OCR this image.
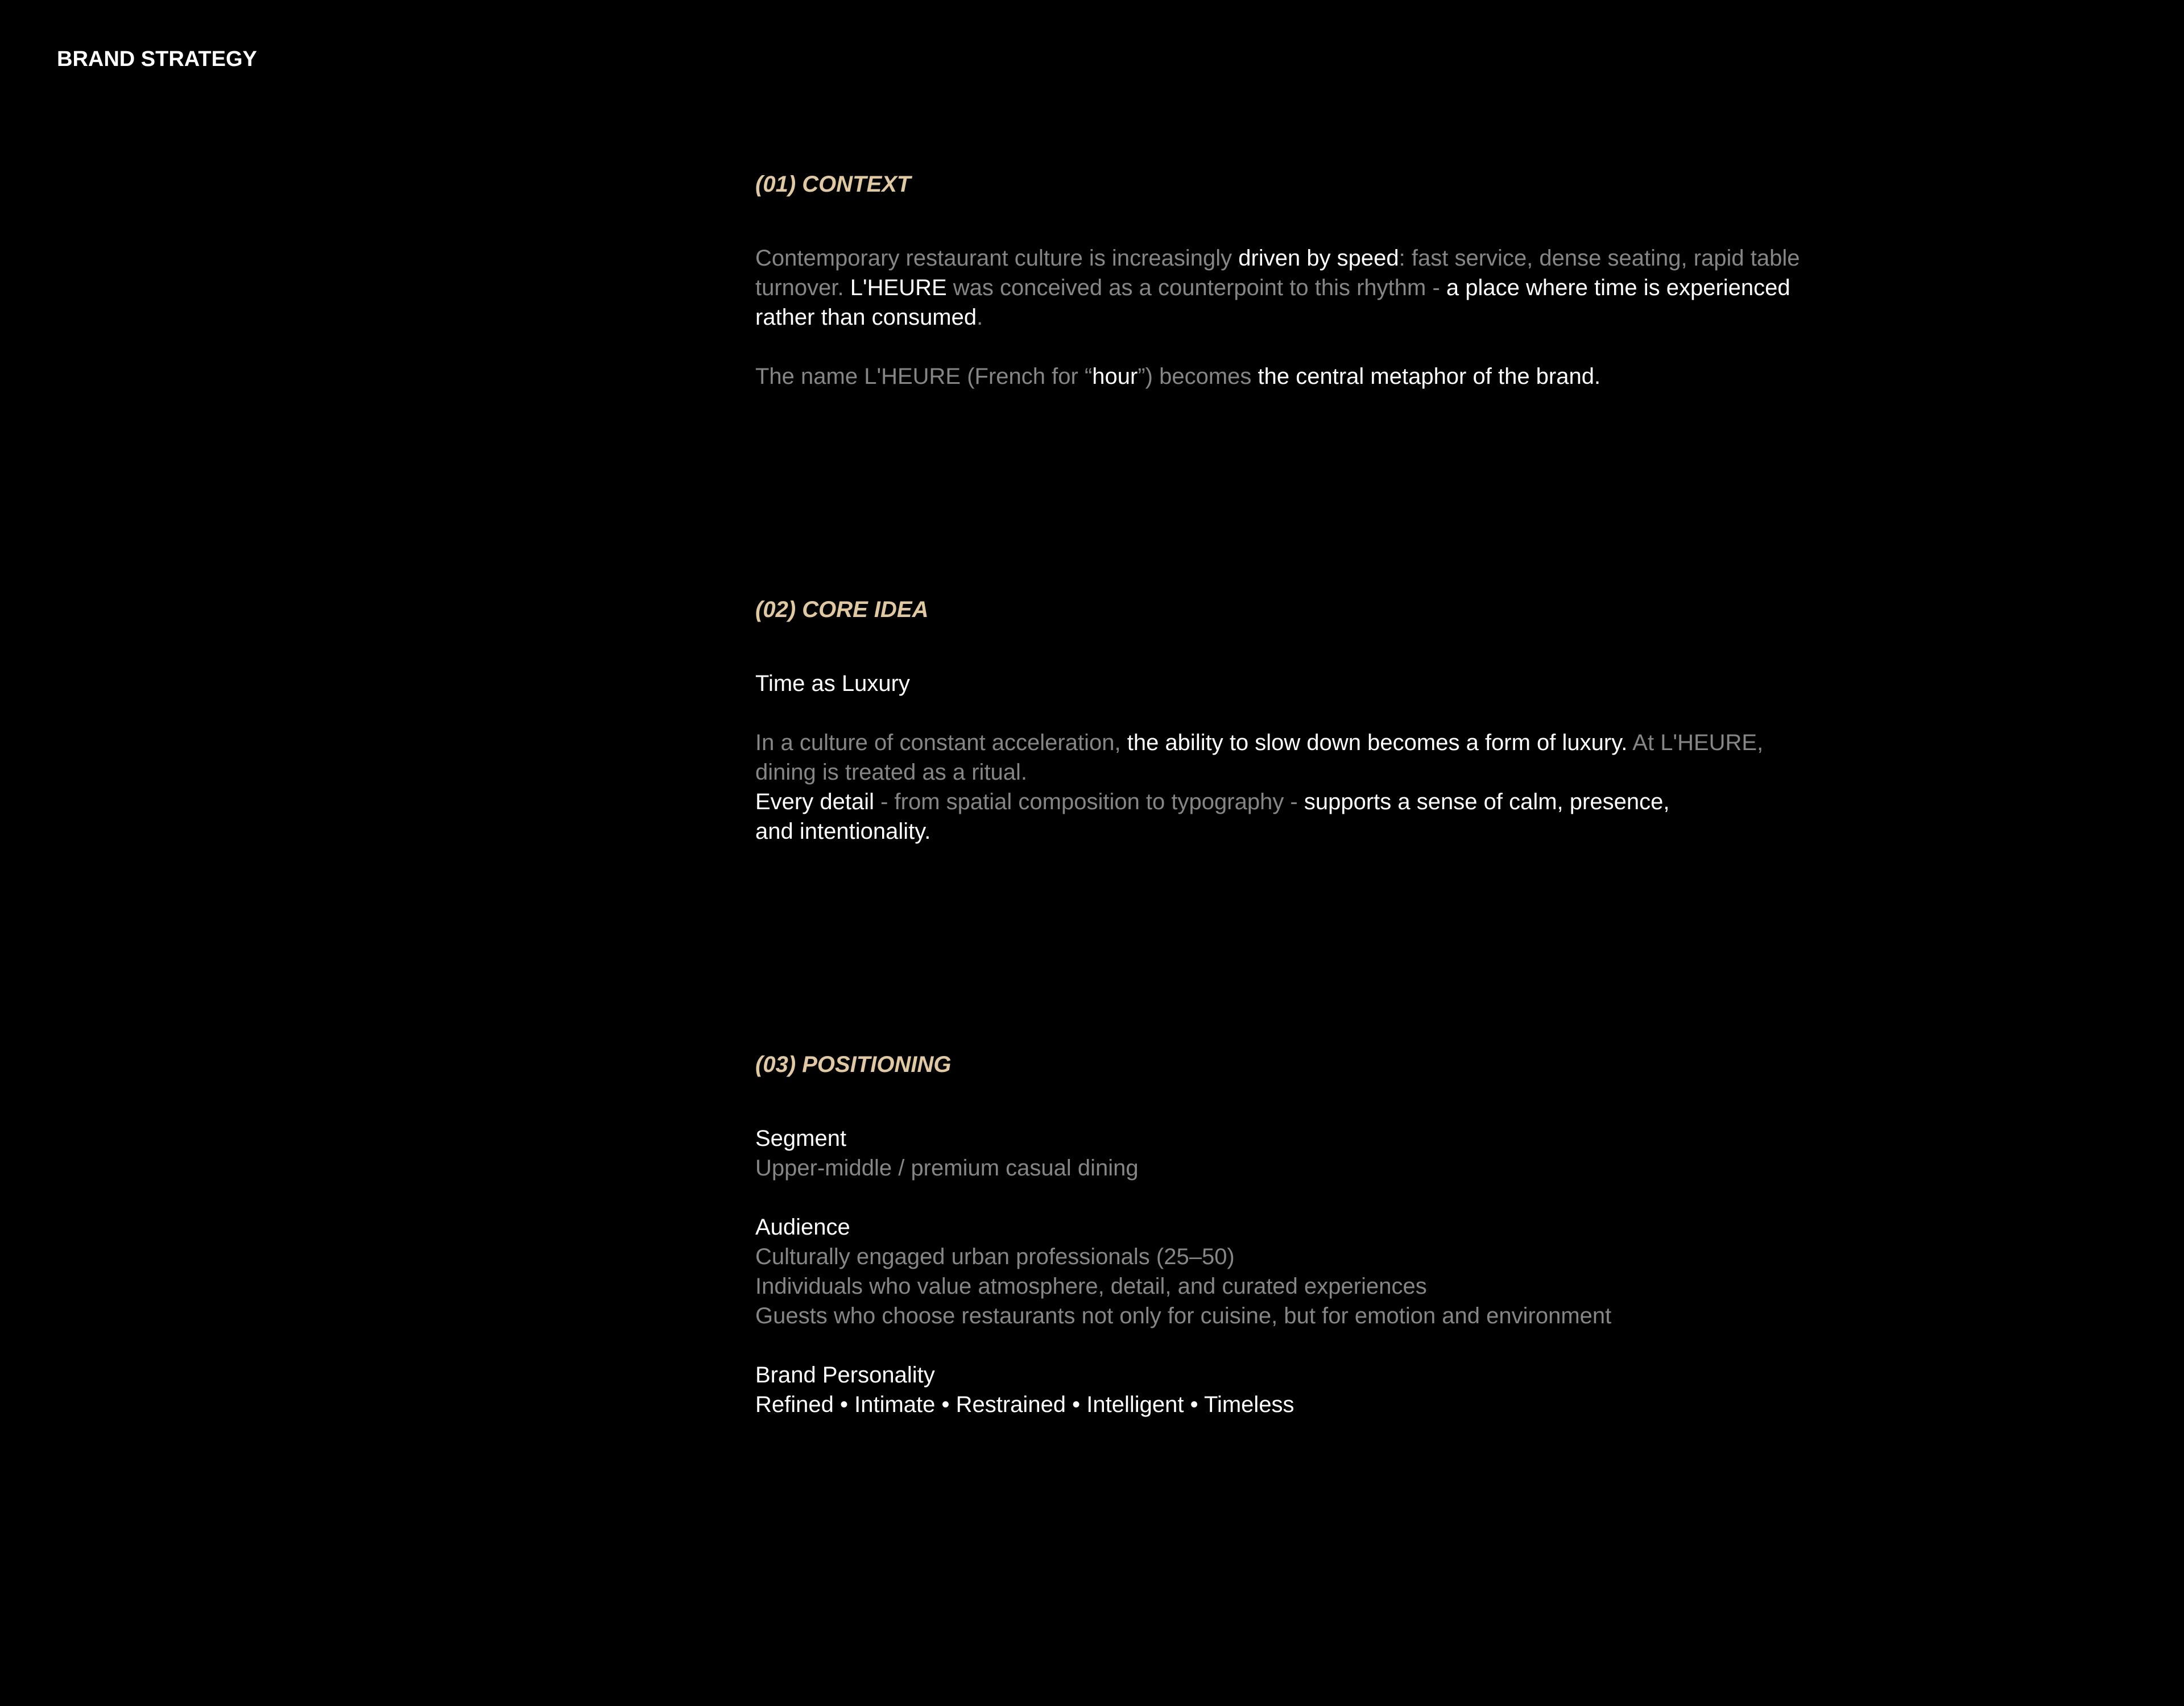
BRAND STRATEGY
(01) CONTEXT

Contemporary restaurant culture is increasingly driven by speed: fast service, dense seating, rapid table

turnover. L'HEURE was conceived as a counterpoint to this rhythm - a place where time is experienced

rather than consumed.

The name L'HEURE (French for “hour”) becomes the central metaphor of the brand.

(02) CORE IDEA

Time as Luxury

In a culture of constant acceleration, the ability to slow down becomes a form of luxury. At L'HEURE,

dining is treated as a ritual.

Every detail - from spatial composition to typography - supports a sense of calm, presence,

and intentionality.

(03) POSITIONING

Segment

Upper-middle / premium casual dining

Audience

Culturally engaged urban professionals (25–50)

Individuals who value atmosphere, detail, and curated experiences

Guests who choose restaurants not only for cuisine, but for emotion and environment

Brand Personality

Refined • Intimate • Restrained • Intelligent • Timeless
